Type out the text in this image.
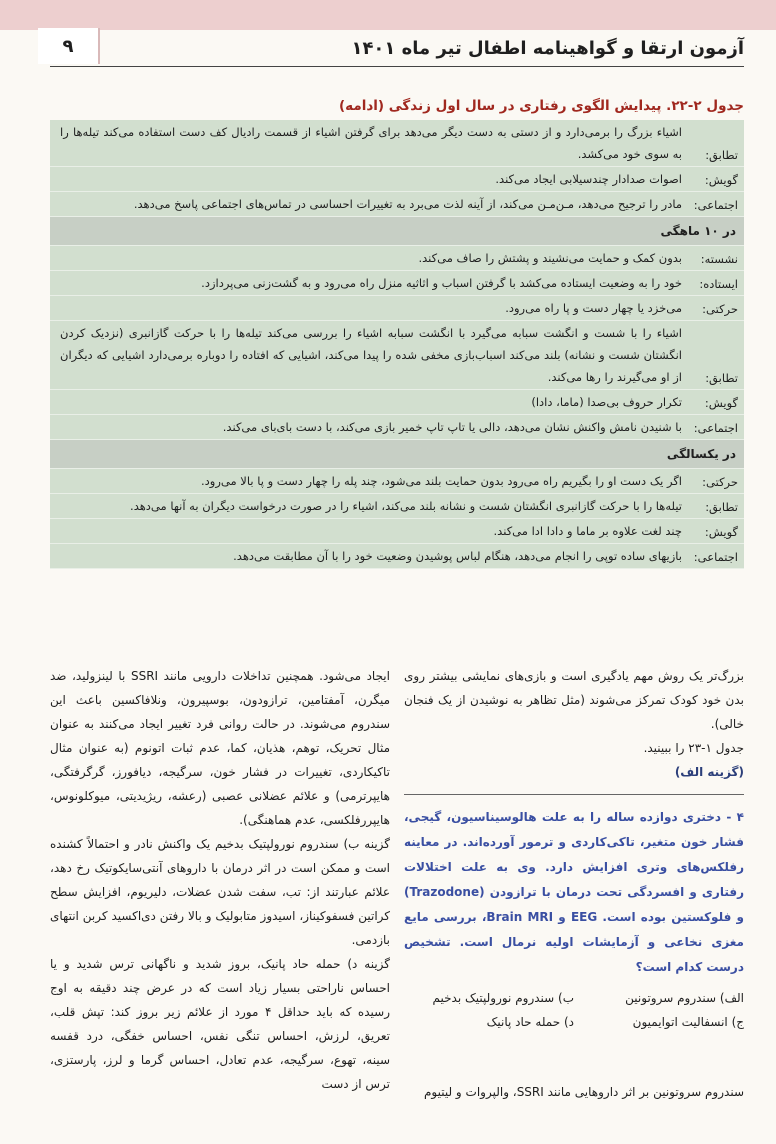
۹	آزمون ارتقا و گواهینامه اطفال تیر ماه ۱۴۰۱
جدول ۲-۲۲. پیدایش الگوی رفتاری در سال اول زندگی (ادامه)
تطابق:
اشیاء بزرگ را برمی‌دارد و از دستی به دست دیگر می‌دهد برای گرفتن اشیاء از قسمت رادیال کف دست استفاده می‌کند تیله‌ها را به سوی خود می‌کشد.
گویش:
اصوات صدادار چندسیلابی ایجاد می‌کند.
اجتماعی:
مادر را ترجیح می‌دهد، مـن‌مـن می‌کند، از آینه لذت می‌برد به تغییرات احساسی در تماس‌های اجتماعی پاسخ می‌دهد.
در ۱۰ ماهگی
نشسته:
بدون کمک و حمایت می‌نشیند و پشتش را صاف می‌کند.
ایستاده:
خود را به وضعیت ایستاده می‌کشد با گرفتن اسباب و اثاثیه منزل راه می‌رود و به گشت‌زنی می‌پردازد.
حرکتی:
می‌خزد یا چهار دست و پا راه می‌رود.
تطابق:
اشیاء را با شست و انگشت سبابه می‌گیرد با انگشت سبابه اشیاء را بررسی می‌کند تیله‌ها را با حرکت گازانبری (نزدیک کردن انگشتان شست و نشانه) بلند می‌کند اسباب‌بازی مخفی شده را پیدا می‌کند، اشیایی که افتاده را دوباره برمی‌دارد اشیایی که دیگران از او می‌گیرند را رها می‌کند.
گویش:
تکرار حروف بی‌صدا (ماما، دادا)
اجتماعی:
با شنیدن نامش واکنش نشان می‌دهد، دالی یا تاپ تاپ خمیر بازی می‌کند، با دست بای‌بای می‌کند.
در یکسالگی
حرکتی:
اگر یک دست او را بگیریم راه می‌رود بدون حمایت بلند می‌شود، چند پله را چهار دست و پا بالا می‌رود.
تطابق:
تیله‌ها را با حرکت گازانبری انگشتان شست و نشانه بلند می‌کند، اشیاء را در صورت درخواست دیگران به آنها می‌دهد.
گویش:
چند لغت علاوه بر ماما و دادا ادا می‌کند.
اجتماعی:
بازیهای ساده توپی را انجام می‌دهد، هنگام لباس پوشیدن وضعیت خود را با آن مطابقت می‌دهد.

بزرگ‌تر یک روش مهم یادگیری است و بازی‌های نمایشی بیشتر روی بدن خود کودک تمرکز می‌شوند (مثل تظاهر به نوشیدن از یک فنجان خالی).

جدول ۱-۲۳ را ببینید.

(گزینه الف)

۴ - دختری دوازده ساله را به علت هالوسیناسیون، گیجی، فشار خون متغیر، تاکی‌کاردی و ترمور آورده‌اند. در معاینه رفلکس‌های وتری افزایش دارد. وی به علت اختلالات رفتاری و افسردگی تحت درمان با ترازودن (Trazodone) و فلوکستین بوده است. EEG و Brain MRI، بررسی مایع مغزی نخاعی و آزمایشات اولیه نرمال است. تشخیص درست کدام است؟

الف) سندروم سروتونین
ب) سندروم نورولپتیک بدخیم
ج) انسفالیت اتوایمیون
د) حمله حاد پانیک

سندروم سروتونین بر اثر داروهایی مانند SSRI، والپروات و لیتیوم

ایجاد می‌شود. همچنین تداخلات دارویی مانند SSRI با لینزولید، ضد میگرن، آمفتامین، ترازودون، بوسپیرون، ونلافاکسین باعث این سندروم می‌شوند. در حالت روانی فرد تغییر ایجاد می‌کنند به عنوان مثال تحریک، توهم، هذیان، کما، عدم ثبات اتونوم (به عنوان مثال تاکیکاردی، تغییرات در فشار خون، سرگیجه، دیافورز، گرگرفتگی، هایپرترمی) و علائم عضلانی عصبی (رعشه، ریژیدیتی، میوکلونوس، هایپررفلکسی، عدم هماهنگی).

گزینه ب) سندروم نورولپتیک بدخیم یک واکنش نادر و احتمالاً کشنده است و ممکن است در اثر درمان با داروهای آنتی‌سایکوتیک رخ دهد، علائم عبارتند از: تب، سفت شدن عضلات، دلیریوم، افزایش سطح کراتین فسفوکیناز، اسیدوز متابولیک و بالا رفتن دی‌اکسید کربن انتهای بازدمی.

گزینه د) حمله حاد پانیک، بروز شدید و ناگهانی ترس شدید و یا احساس ناراحتی بسیار زیاد است که در عرض چند دقیقه به اوج رسیده که باید حداقل ۴ مورد از علائم زیر بروز کند: تپش قلب، تعریق، لرزش، احساس تنگی نفس، احساس خفگی، درد قفسه سینه، تهوع، سرگیجه، عدم تعادل، احساس گرما و لرز، پارستزی، ترس از دست
